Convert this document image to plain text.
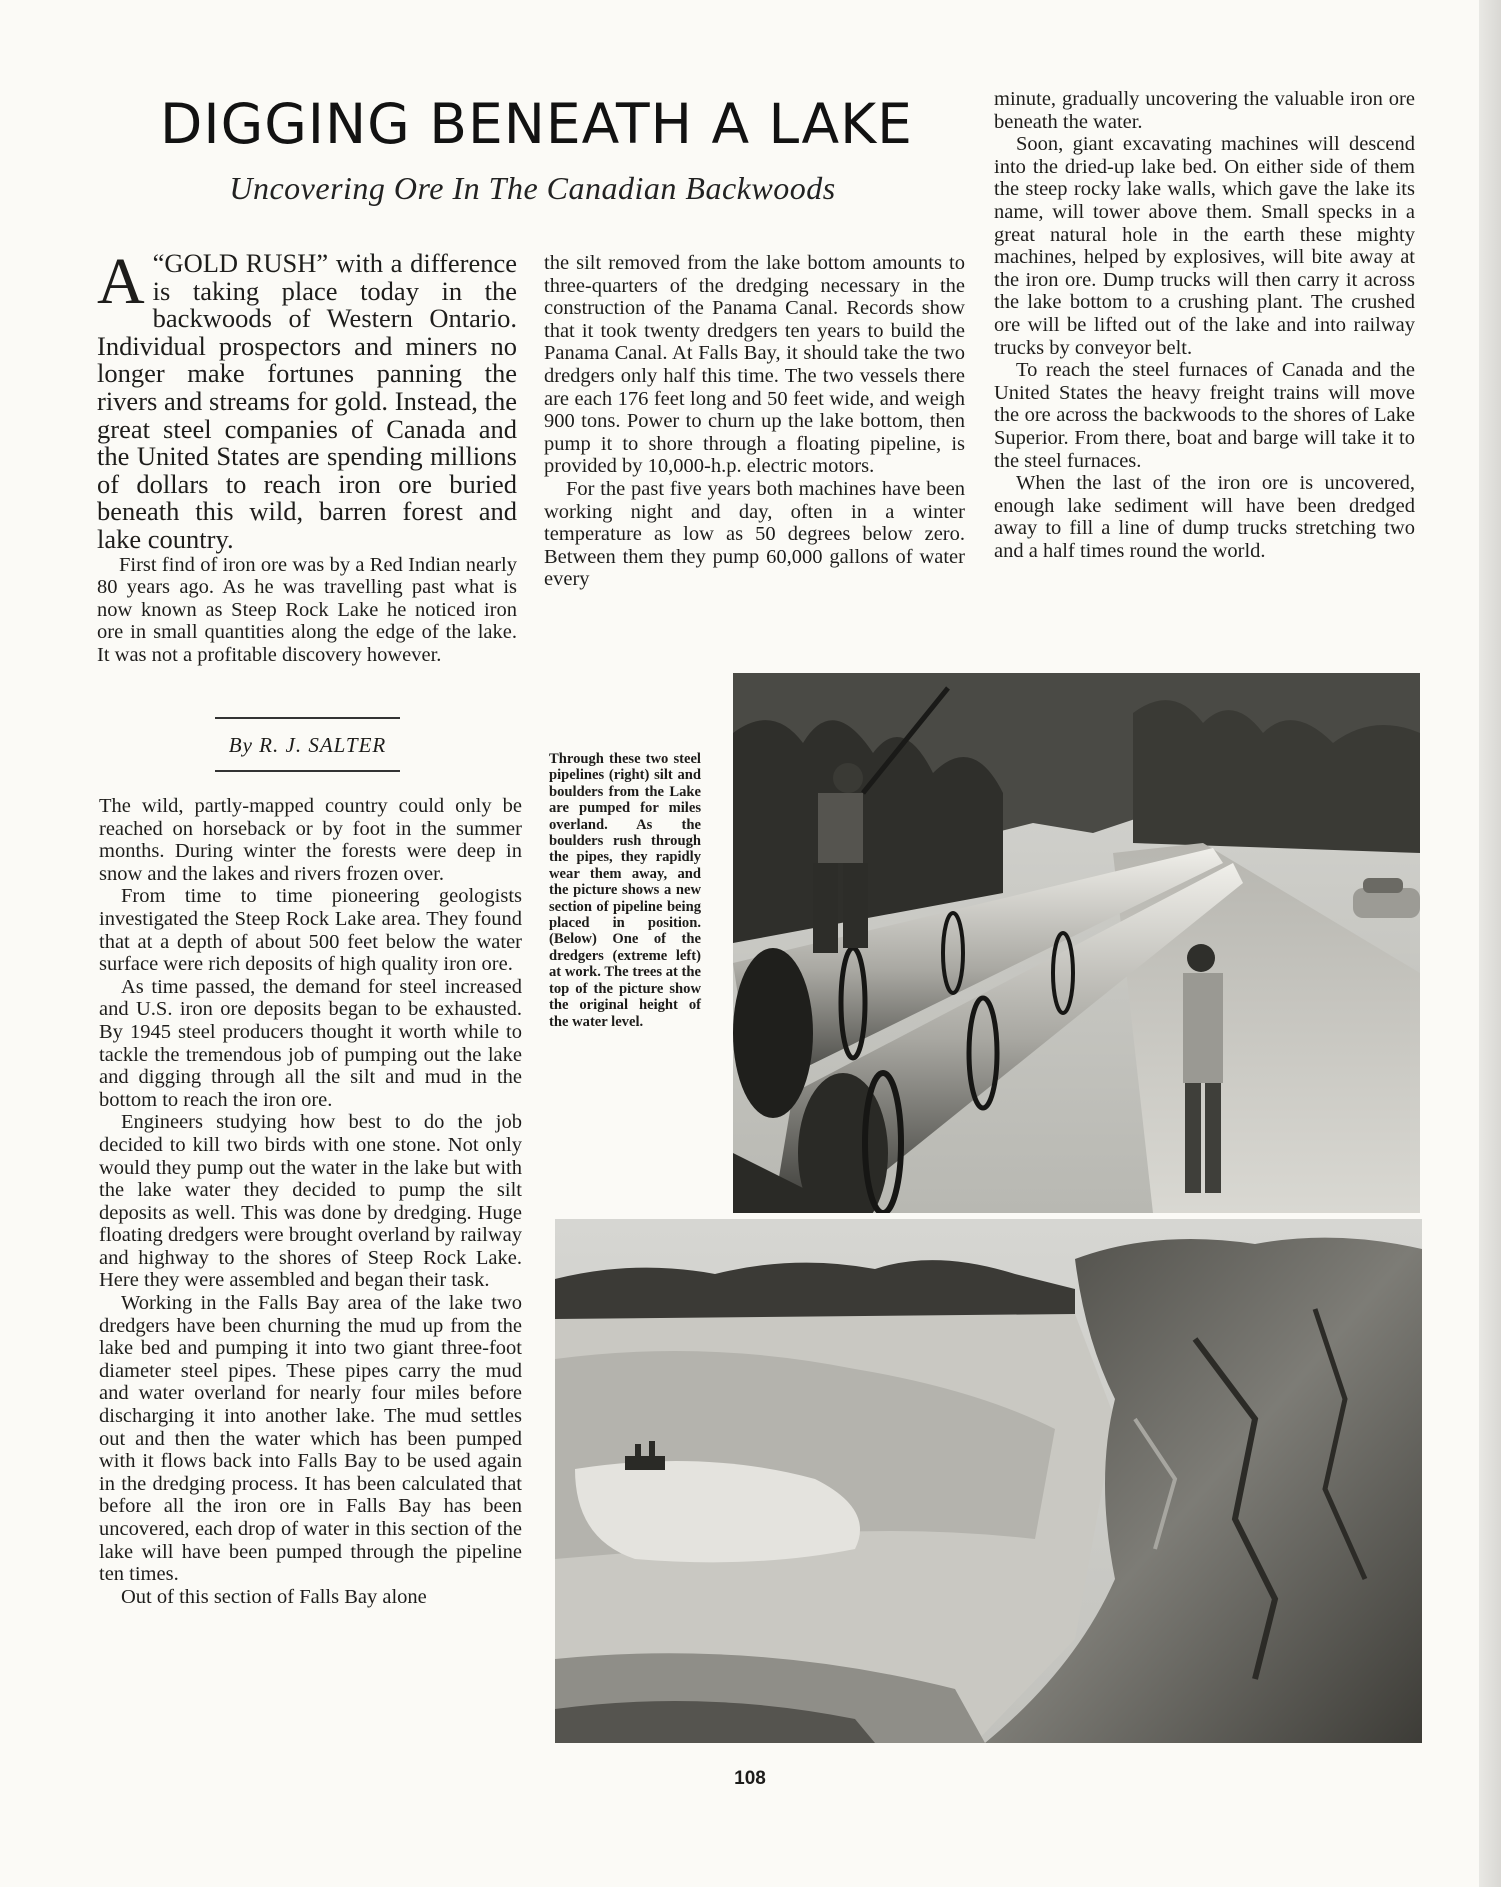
DIGGING BENEATH A LAKE
Uncovering Ore In The Canadian Backwoods
A “GOLD RUSH” with a difference is taking place today in the backwoods of Western Ontario. Individual prospectors and miners no longer make fortunes panning the rivers and streams for gold. Instead, the great steel companies of Canada and the United States are spending millions of dollars to reach iron ore buried beneath this wild, barren forest and lake country.

First find of iron ore was by a Red Indian nearly 80 years ago. As he was travelling past what is now known as Steep Rock Lake he noticed iron ore in small quantities along the edge of the lake. It was not a profitable discovery however.

By R. J. SALTER

The wild, partly-mapped country could only be reached on horseback or by foot in the summer months. During winter the forests were deep in snow and the lakes and rivers frozen over.

From time to time pioneering geologists investigated the Steep Rock Lake area. They found that at a depth of about 500 feet below the water surface were rich deposits of high quality iron ore.

As time passed, the demand for steel increased and U.S. iron ore deposits began to be exhausted. By 1945 steel producers thought it worth while to tackle the tremendous job of pumping out the lake and digging through all the silt and mud in the bottom to reach the iron ore.

Engineers studying how best to do the job decided to kill two birds with one stone. Not only would they pump out the water in the lake but with the lake water they decided to pump the silt deposits as well. This was done by dredging. Huge floating dredgers were brought overland by railway and highway to the shores of Steep Rock Lake. Here they were assembled and began their task.

Working in the Falls Bay area of the lake two dredgers have been churning the mud up from the lake bed and pumping it into two giant three-foot diameter steel pipes. These pipes carry the mud and water overland for nearly four miles before discharging it into another lake. The mud settles out and then the water which has been pumped with it flows back into Falls Bay to be used again in the dredging process. It has been calculated that before all the iron ore in Falls Bay has been uncovered, each drop of water in this section of the lake will have been pumped through the pipeline ten times.

Out of this section of Falls Bay alone

the silt removed from the lake bottom amounts to three-quarters of the dredging necessary in the construction of the Panama Canal. Records show that it took twenty dredgers ten years to build the Panama Canal. At Falls Bay, it should take the two dredgers only half this time. The two vessels there are each 176 feet long and 50 feet wide, and weigh 900 tons. Power to churn up the lake bottom, then pump it to shore through a floating pipeline, is provided by 10,000-h.p. electric motors.

For the past five years both machines have been working night and day, often in a winter temperature as low as 50 degrees below zero. Between them they pump 60,000 gallons of water every

minute, gradually uncovering the valuable iron ore beneath the water.

Soon, giant excavating machines will descend into the dried-up lake bed. On either side of them the steep rocky lake walls, which gave the lake its name, will tower above them. Small specks in a great natural hole in the earth these mighty machines, helped by explosives, will bite away at the iron ore. Dump trucks will then carry it across the lake bottom to a crushing plant. The crushed ore will be lifted out of the lake and into railway trucks by conveyor belt.

To reach the steel furnaces of Canada and the United States the heavy freight trains will move the ore across the backwoods to the shores of Lake Superior. From there, boat and barge will take it to the steel furnaces.

When the last of the iron ore is uncovered, enough lake sediment will have been dredged away to fill a line of dump trucks stretching two and a half times round the world.

Through these two steel pipelines (right) silt and boulders from the Lake are pumped for miles overland. As the boulders rush through the pipes, they rapidly wear them away, and the picture shows a new section of pipeline being placed in position. (Below) One of the dredgers (extreme left) at work. The trees at the top of the picture show the original height of the water level.
108
